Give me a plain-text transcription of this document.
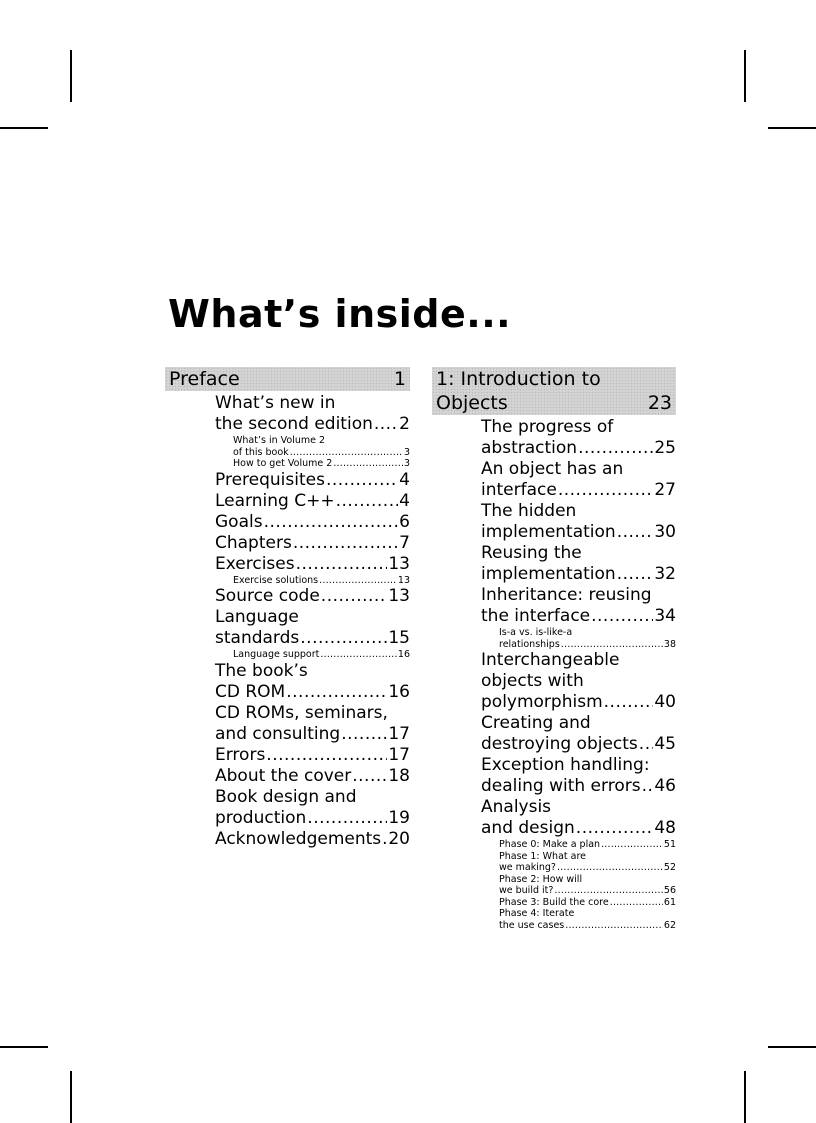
What’s inside...
Preface	1
What’s new in
the second edition ..... 2
What’s in Volume 2
of this book .....	3
How to get Volume 2 .....	3
Prerequisites .....	4
Learning C++ .....	4
Goals .....	6
Chapters .....	7
Exercises .....	13
Exercise solutions .....	13
Source code .....	13
Language
standards .....	15
Language support .....	16
The book’s
CD ROM .....	16
CD ROMs, seminars,
and consulting .....	17
Errors .....	17
About the cover ..... 18
Book design and
production .....	19
Acknowledgements ..... 20
1: Introduction to
Objects	23
The progress of
abstraction .....	25
An object has an
interface .....	27
The hidden
implementation ..... 30
Reusing the
implementation ..... 32
Inheritance: reusing
the interface .....	34
Is-a vs. is-like-a
relationships .....	38
Interchangeable
objects with
polymorphism .....	40
Creating and
destroying objects ..... 45
Exception handling:
dealing with errors ..... 46
Analysis
and design .....	48
Phase 0: Make a plan .....	51
Phase 1: What are
we making? .....	52
Phase 2: How will
we build it? .....	56
Phase 3: Build the core .....	61
Phase 4: Iterate
the use cases .....	62
